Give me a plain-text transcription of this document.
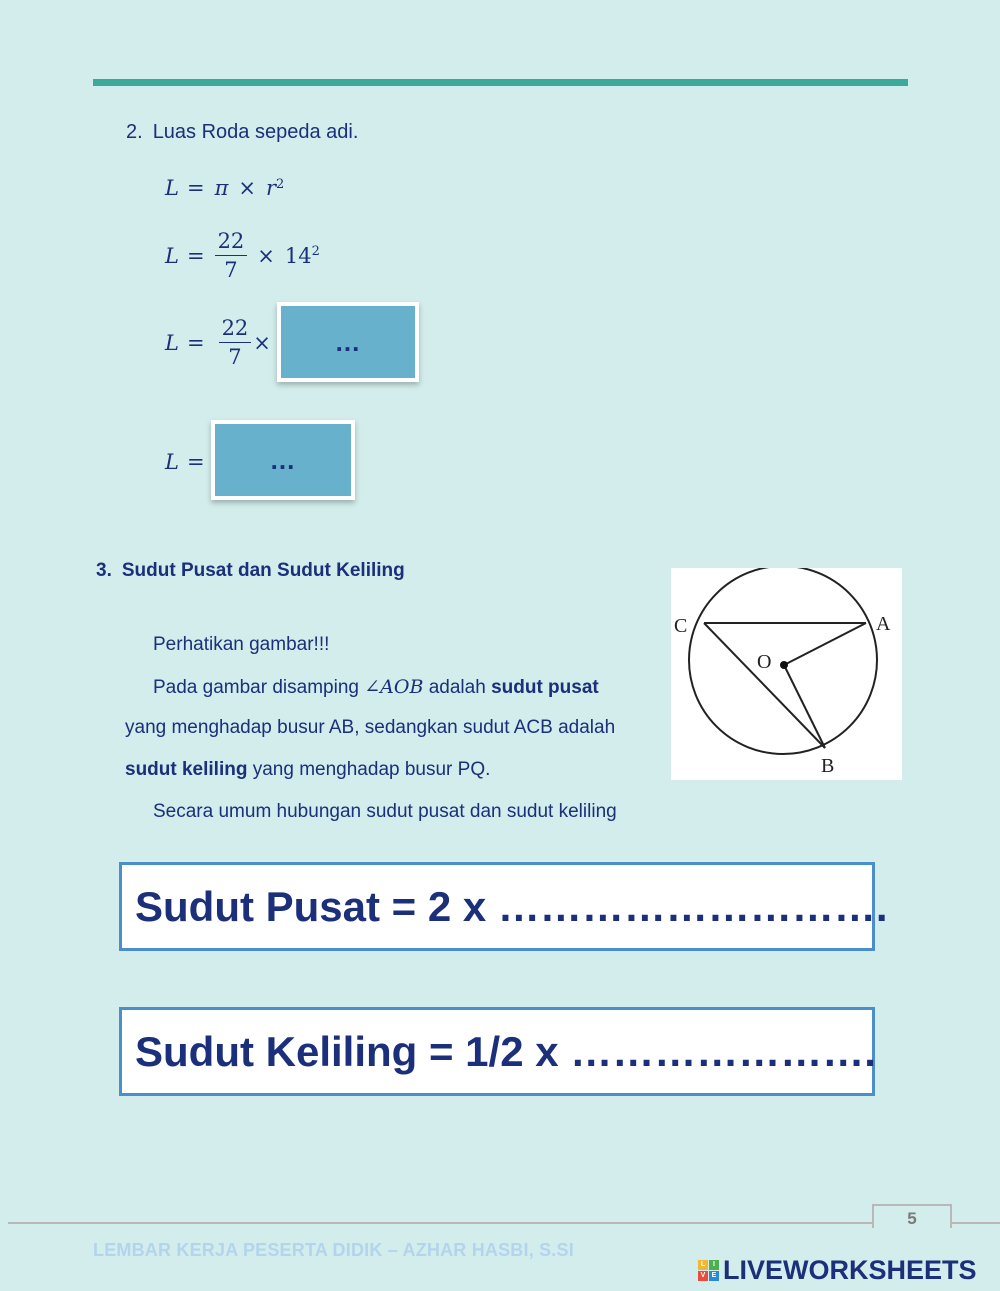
2. Luas Roda sepeda adi.
$L = \pi \times r^2$
$L = \frac{22}{7} \times 14^2$
$L = \frac{22}{7}$ ×	...
L =	...
3. Sudut Pusat dan Sudut Keliling
Perhatikan gambar!!!
Pada gambar disamping ∠AOB adalah sudut pusat
yang menghadap busur AB, sedangkan sudut ACB adalah
sudut keliling yang menghadap busur PQ.
Secara umum hubungan sudut pusat dan sudut keliling
C	A
O
B
Sudut Pusat = 2 x ……………………….
Sudut Keliling = 1/2 x ………………….
5
LEMBAR KERJA PESERTA DIDIK – AZHAR HASBI, S.SI
L	I
V E LIVEWORKSHEETS
